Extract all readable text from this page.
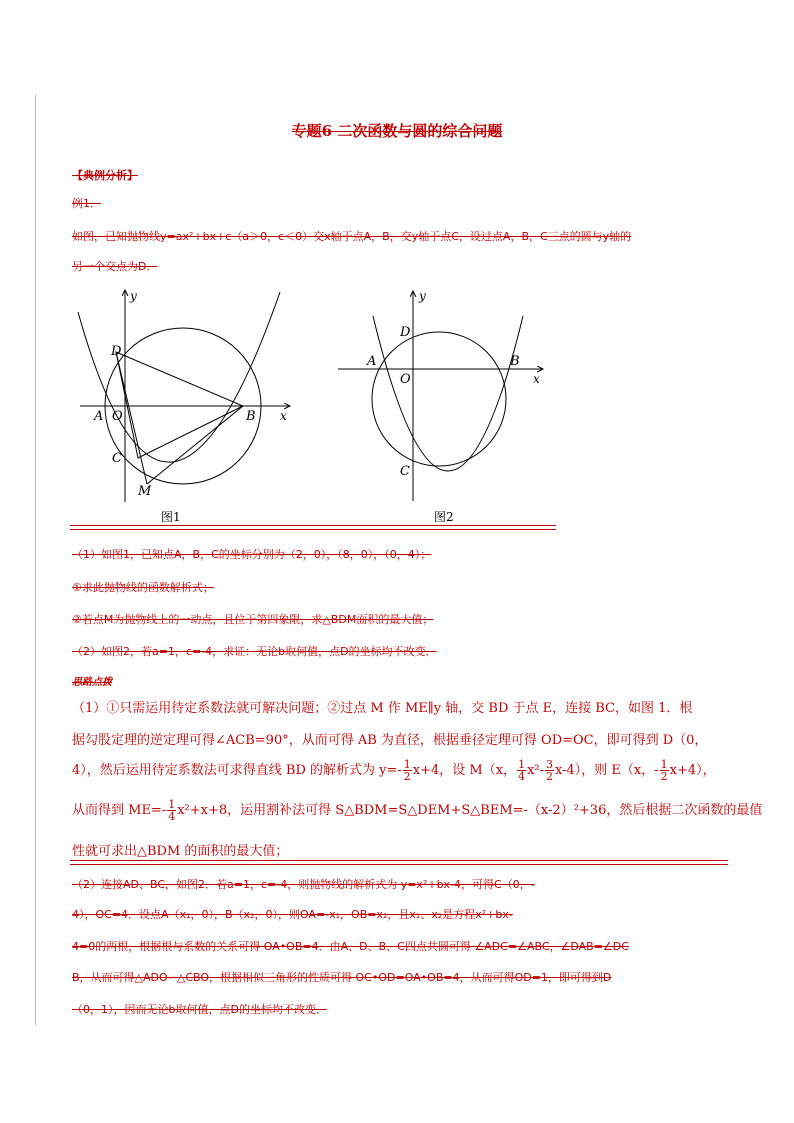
专题6 二次函数与圆的综合问题
【典例分析】
例1．
如图，已知抛物线y=ax²+bx+c（a＞0，c＜0）交x轴于点A，B，交y轴于点C，设过点A，B，C三点的圆与y轴的
另一个交点为D．
y
x
O
A	B
C
D
M
y
x
O
A	B
C
D
图1	图2
（1）如图1，已知点A，B，C的坐标分别为（2，0），（8，0），（0，4）；
①求此抛物线的函数解析式；
②若点M为抛物线上的一动点，且位于第四象限，求△BDM面积的最大值；
（2）如图2，若a=1，c=-4，求证：无论b取何值，点D的坐标均不改变．
思路点拨
（1）①只需运用待定系数法就可解决问题；②过点 M 作 ME∥y 轴，交 BD 于点 E，连接 BC，如图 1．根
据勾股定理的逆定理可得∠ACB=90°，从而可得 AB 为直径，根据垂径定理可得 OD=OC，即可得到 D（0，
4），然后运用待定系数法可求得直线 BD 的解析式为 $y=- \frac{1}{2} x+4$，设 M（x， $\frac{1}{4} x^2- \frac{3}{2} x-4$），则 E（x，- $\frac{1}{2} x+4$），
从而得到 $ME=- \frac{1}{4} x^2+x+8$，运用割补法可得 S△BDM=S△DEM+S△BEM=-（x-2）²+36，然后根据二次函数的最值
性就可求出△BDM 的面积的最大值；
（2）连接AD、BC，如图2．若a=1，c=-4，则抛物线的解析式为 y=x²+bx-4，可得C（0，-
4），OC=4．设点A（x₁，0），B（x₂，0），则OA=-x₁，OB=x₂，且x₁、x₂是方程x²+bx-
4=0的两根，根据根与系数的关系可得 OA•OB=4．由A、D、B、C四点共圆可得 ∠ADC=∠ABC，∠DAB=∠DC
B，从而可得△ADO∽△CBO，根据相似三角形的性质可得 OC•OD=OA•OB=4，从而可得OD=1，即可得到D
（0，1），因而无论b取何值，点D的坐标均不改变．
